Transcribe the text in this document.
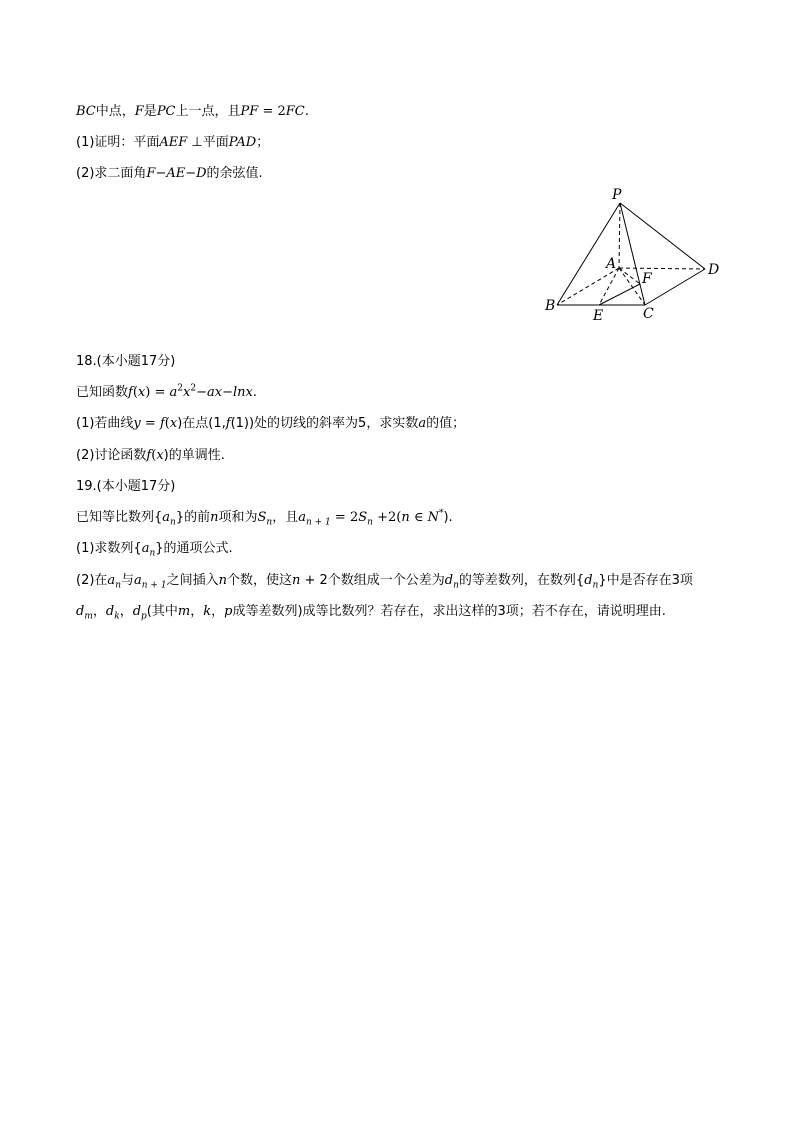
BC中点，F是PC上一点，且PF = 2FC.
(1)证明：平面AEF ⊥平面PAD；
(2)求二面角F−AE−D的余弦值.
P
A	D
F
B
E	C
18.(本小题17分)
已知函数$f(x) = a^2x^2-ax-\ln x$.
(1)若曲线y = f(x)在点(1,f(1))处的切线的斜率为5，求实数a的值；
(2)讨论函数f(x)的单调性.
19.(本小题17分)
已知等比数列$\{a_n\}$的前n项和为$S_n$，且$a_{n + 1} = 2S_n +2(n$ ∈ N*).
(1)求数列$\{a_n\}$的通项公式.
(2)在$a_n$与$a_{n + 1}$之间插入n个数，使这n + 2个数组成一个公差为$d_n$的等差数列，在数列$\{d_n\}$中是否存在3项
$d_m$，$d_k$，$d_p$(其中m，k，p成等差数列)成等比数列？若存在，求出这样的3项；若不存在，请说明理由.
